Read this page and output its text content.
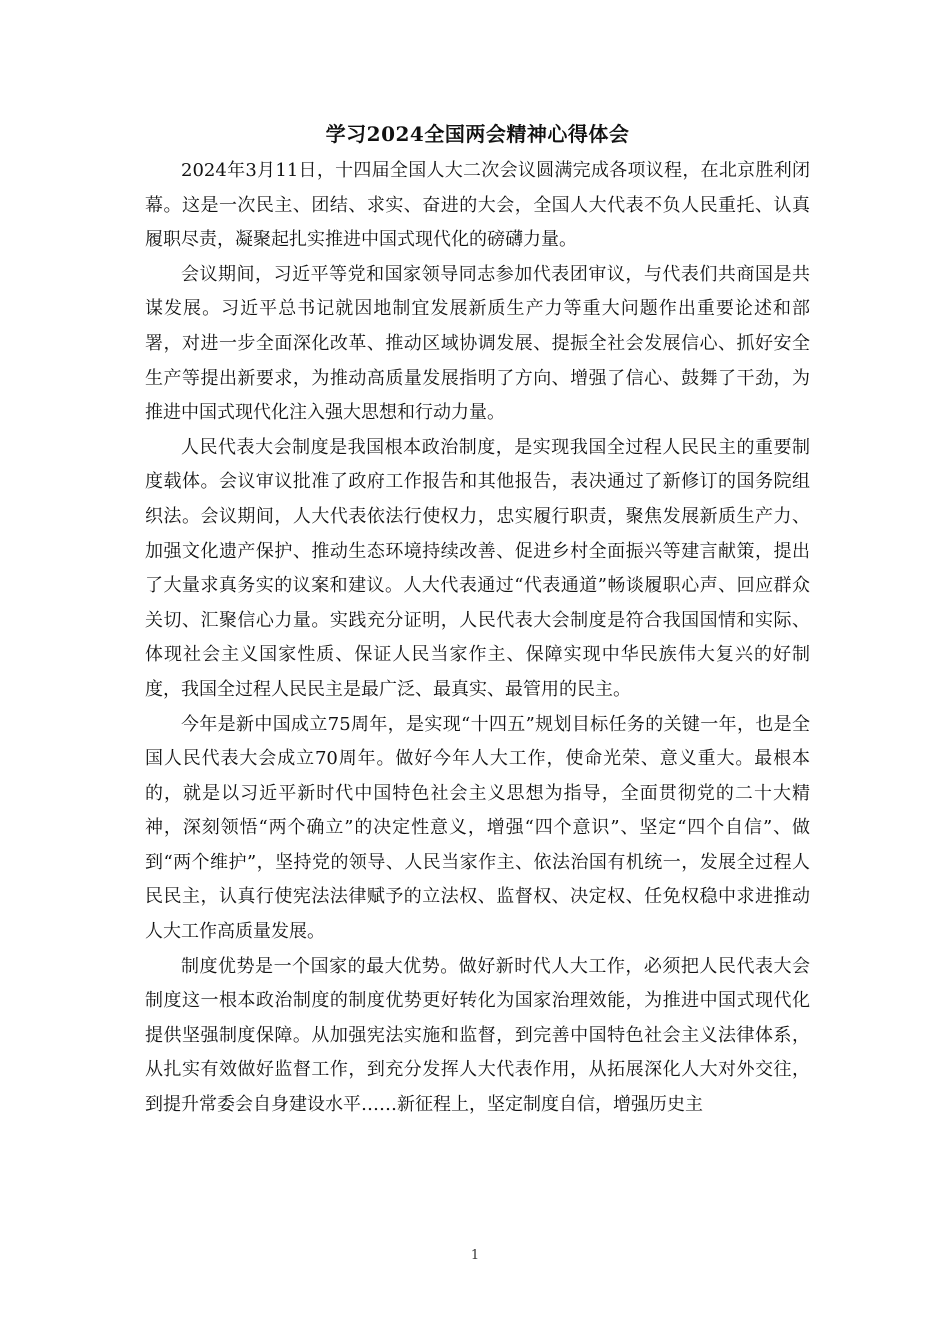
学习2024全国两会精神心得体会

2024年3月11日，十四届全国人大二次会议圆满完成各项议程，在北京胜利闭幕。这是一次民主、团结、求实、奋进的大会，全国人大代表不负人民重托、认真履职尽责，凝聚起扎实推进中国式现代化的磅礴力量。

会议期间，习近平等党和国家领导同志参加代表团审议，与代表们共商国是共谋发展。习近平总书记就因地制宜发展新质生产力等重大问题作出重要论述和部署，对进一步全面深化改革、推动区域协调发展、提振全社会发展信心、抓好安全生产等提出新要求，为推动高质量发展指明了方向、增强了信心、鼓舞了干劲，为推进中国式现代化注入强大思想和行动力量。

人民代表大会制度是我国根本政治制度，是实现我国全过程人民民主的重要制度载体。会议审议批准了政府工作报告和其他报告，表决通过了新修订的国务院组织法。会议期间，人大代表依法行使权力，忠实履行职责，聚焦发展新质生产力、加强文化遗产保护、推动生态环境持续改善、促进乡村全面振兴等建言献策，提出了大量求真务实的议案和建议。人大代表通过“代表通道”畅谈履职心声、回应群众关切、汇聚信心力量。实践充分证明，人民代表大会制度是符合我国国情和实际、体现社会主义国家性质、保证人民当家作主、保障实现中华民族伟大复兴的好制度，我国全过程人民民主是最广泛、最真实、最管用的民主。

今年是新中国成立75周年，是实现“十四五”规划目标任务的关键一年，也是全国人民代表大会成立70周年。做好今年人大工作，使命光荣、意义重大。最根本的，就是以习近平新时代中国特色社会主义思想为指导，全面贯彻党的二十大精神，深刻领悟“两个确立”的决定性意义，增强“四个意识”、坚定“四个自信”、做到“两个维护”，坚持党的领导、人民当家作主、依法治国有机统一，发展全过程人民民主，认真行使宪法法律赋予的立法权、监督权、决定权、任免权稳中求进推动人大工作高质量发展。

制度优势是一个国家的最大优势。做好新时代人大工作，必须把人民代表大会制度这一根本政治制度的制度优势更好转化为国家治理效能，为推进中国式现代化提供坚强制度保障。从加强宪法实施和监督，到完善中国特色社会主义法律体系，从扎实有效做好监督工作，到充分发挥人大代表作用，从拓展深化人大对外交往，到提升常委会自身建设水平……新征程上，坚定制度自信，增强历史主

1
